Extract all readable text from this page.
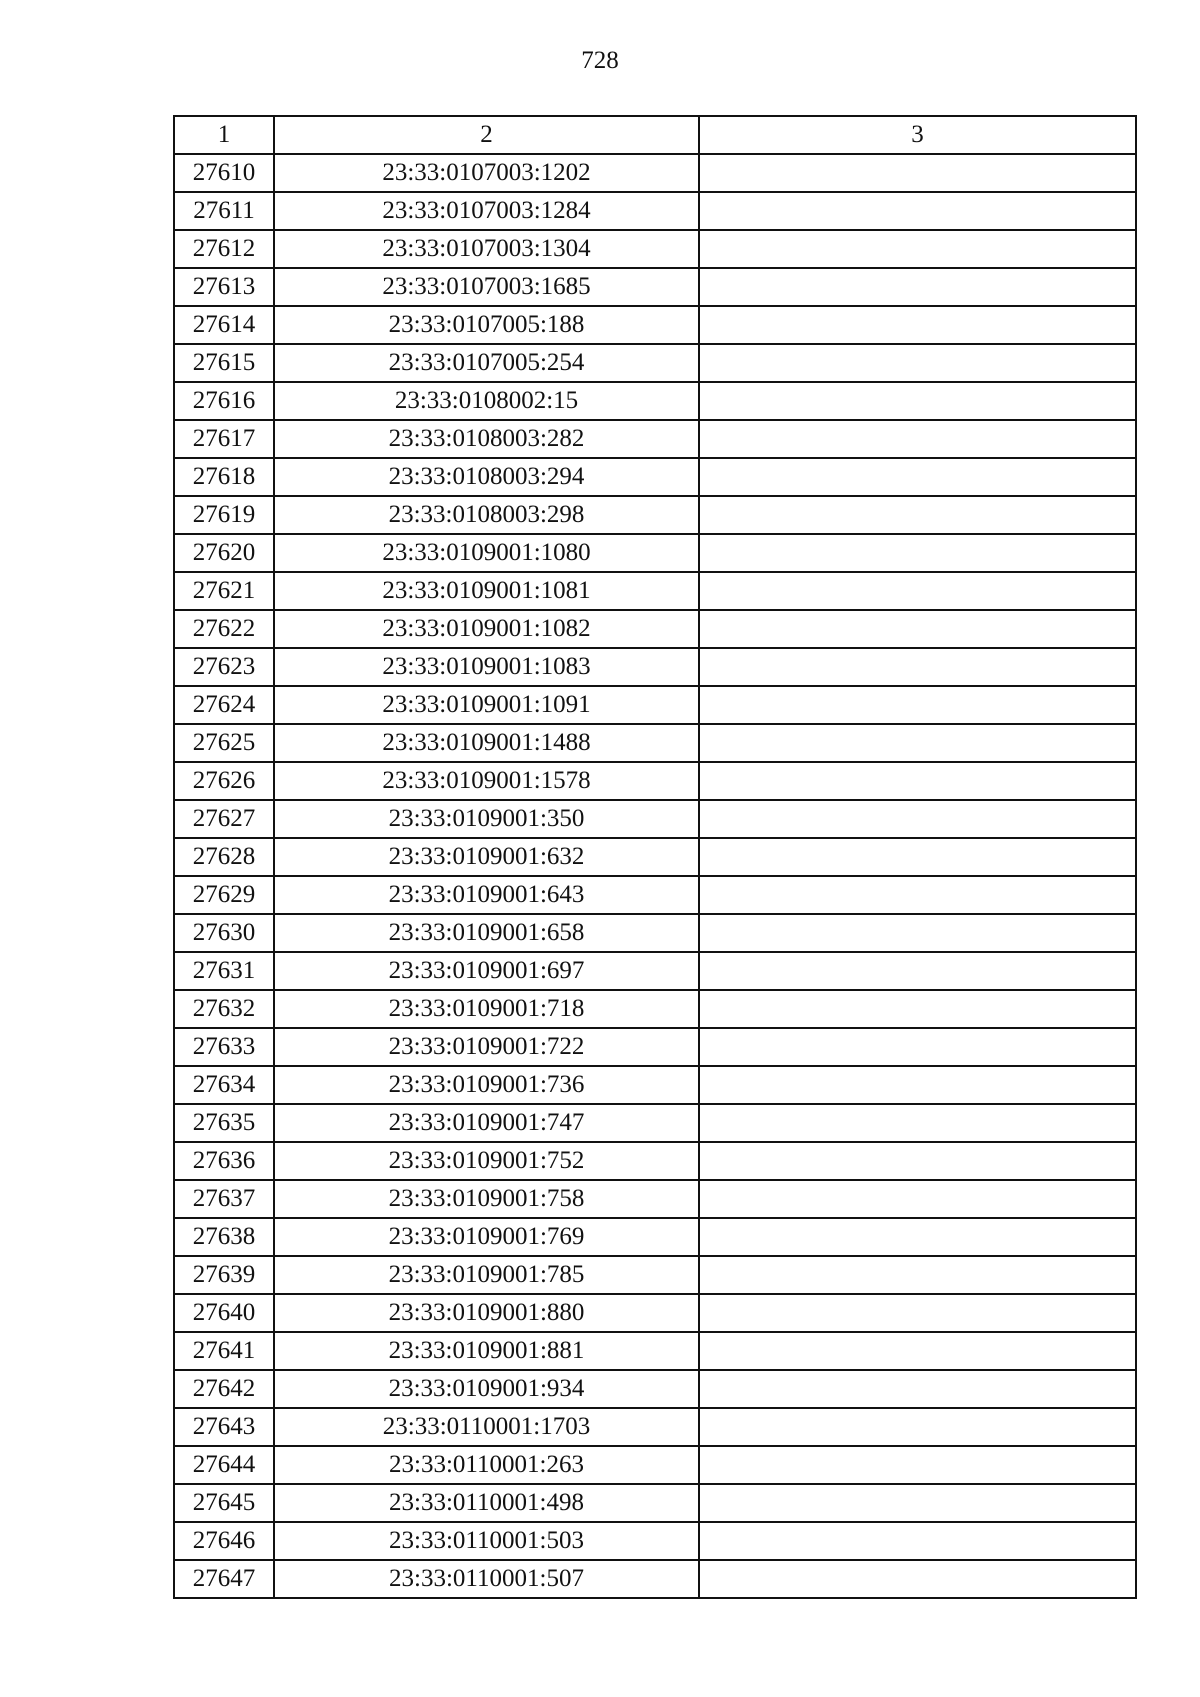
728
1	2	3
27610	23:33:0107003:1202	
27611	23:33:0107003:1284	
27612	23:33:0107003:1304	
27613	23:33:0107003:1685	
27614	23:33:0107005:188	
27615	23:33:0107005:254	
27616	23:33:0108002:15	
27617	23:33:0108003:282	
27618	23:33:0108003:294	
27619	23:33:0108003:298	
27620	23:33:0109001:1080	
27621	23:33:0109001:1081	
27622	23:33:0109001:1082	
27623	23:33:0109001:1083	
27624	23:33:0109001:1091	
27625	23:33:0109001:1488	
27626	23:33:0109001:1578	
27627	23:33:0109001:350	
27628	23:33:0109001:632	
27629	23:33:0109001:643	
27630	23:33:0109001:658	
27631	23:33:0109001:697	
27632	23:33:0109001:718	
27633	23:33:0109001:722	
27634	23:33:0109001:736	
27635	23:33:0109001:747	
27636	23:33:0109001:752	
27637	23:33:0109001:758	
27638	23:33:0109001:769	
27639	23:33:0109001:785	
27640	23:33:0109001:880	
27641	23:33:0109001:881	
27642	23:33:0109001:934	
27643	23:33:0110001:1703	
27644	23:33:0110001:263	
27645	23:33:0110001:498	
27646	23:33:0110001:503	
27647	23:33:0110001:507	
